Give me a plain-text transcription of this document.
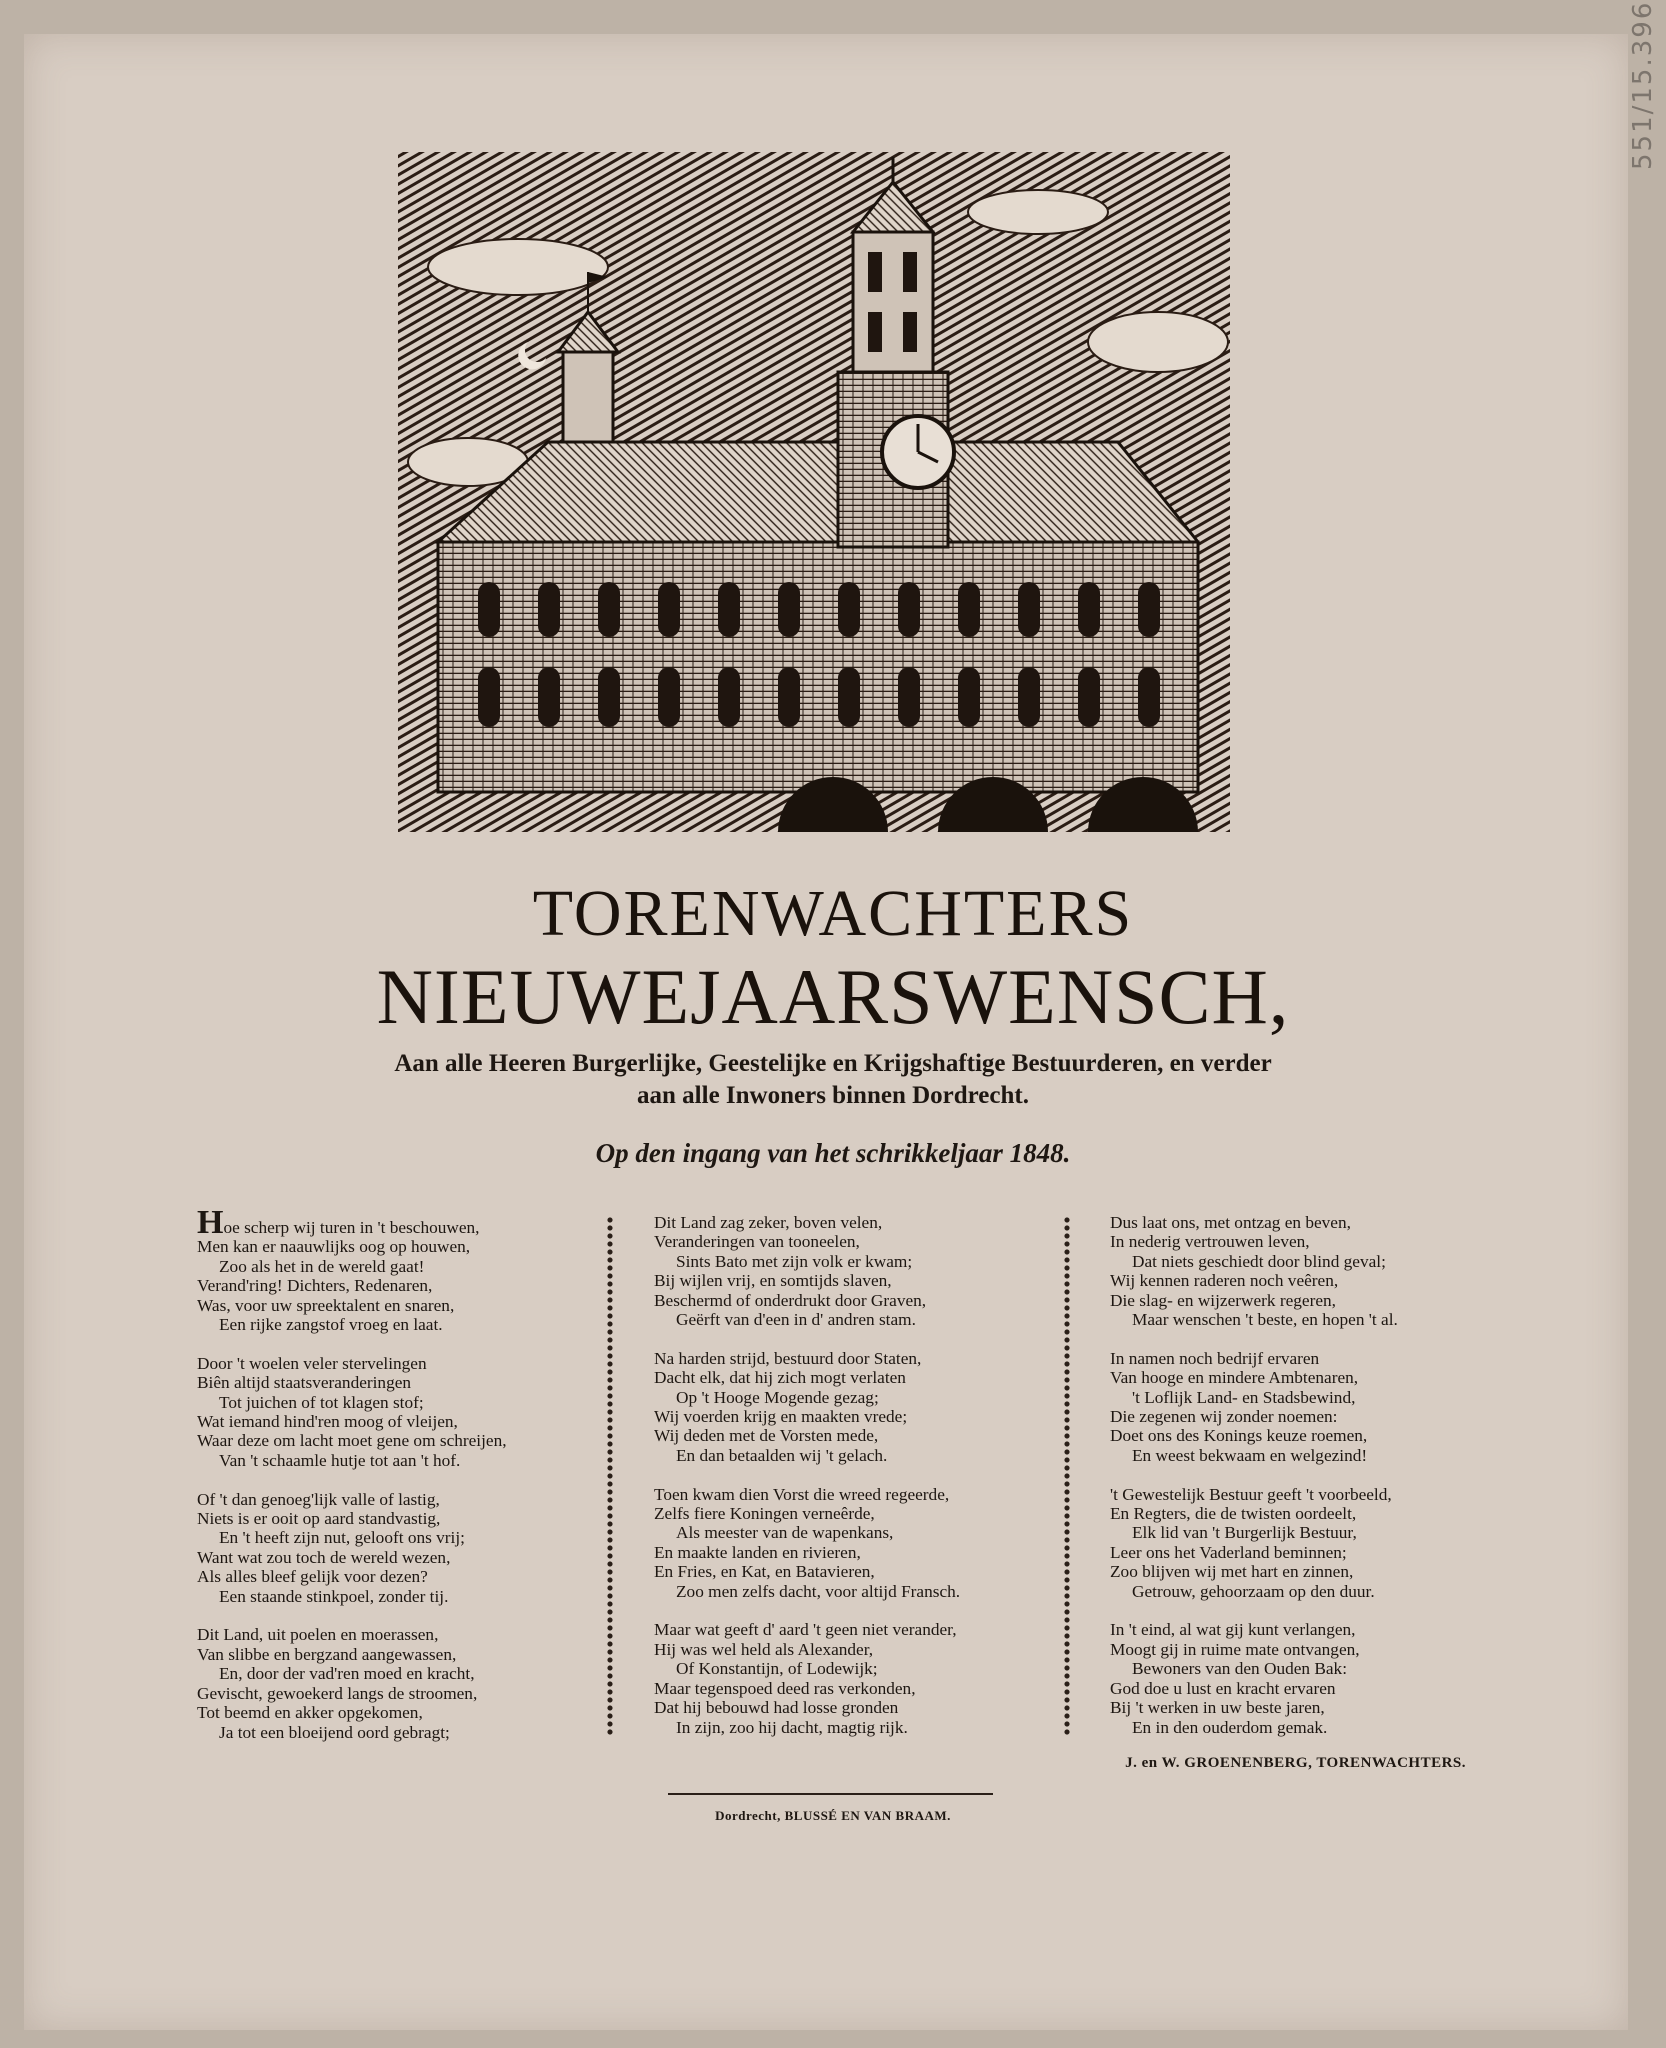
551/15.396
TORENWACHTERS
NIEUWEJAARSWENSCH,
Aan alle Heeren Burgerlijke, Geestelijke en Krijgshaftige Bestuurderen, en verder
aan alle Inwoners binnen Dordrecht.
Op den ingang van het schrikkeljaar 1848.
Hoe scherp wij turen in 't beschouwen,
Men kan er naauwlijks oog op houwen,
Zoo als het in de wereld gaat!
Verand'ring! Dichters, Redenaren,
Was, voor uw spreektalent en snaren,
Een rijke zangstof vroeg en laat.
Door 't woelen veler stervelingen
Biên altijd staatsveranderingen
Tot juichen of tot klagen stof;
Wat iemand hind'ren moog of vleijen,
Waar deze om lacht moet gene om schreijen,
Van 't schaamle hutje tot aan 't hof.
Of 't dan genoeg'lijk valle of lastig,
Niets is er ooit op aard standvastig,
En 't heeft zijn nut, gelooft ons vrij;
Want wat zou toch de wereld wezen,
Als alles bleef gelijk voor dezen?
Een staande stinkpoel, zonder tij.
Dit Land, uit poelen en moerassen,
Van slibbe en bergzand aangewassen,
En, door der vad'ren moed en kracht,
Gevischt, gewoekerd langs de stroomen,
Tot beemd en akker opgekomen,
Ja tot een bloeijend oord gebragt;
Dit Land zag zeker, boven velen,
Veranderingen van tooneelen,
Sints Bato met zijn volk er kwam;
Bij wijlen vrij, en somtijds slaven,
Beschermd of onderdrukt door Graven,
Geërft van d'een in d' andren stam.
Na harden strijd, bestuurd door Staten,
Dacht elk, dat hij zich mogt verlaten
Op 't Hooge Mogende gezag;
Wij voerden krijg en maakten vrede;
Wij deden met de Vorsten mede,
En dan betaalden wij 't gelach.
Toen kwam dien Vorst die wreed regeerde,
Zelfs fiere Koningen verneêrde,
Als meester van de wapenkans,
En maakte landen en rivieren,
En Fries, en Kat, en Batavieren,
Zoo men zelfs dacht, voor altijd Fransch.
Maar wat geeft d' aard 't geen niet verander,
Hij was wel held als Alexander,
Of Konstantijn, of Lodewijk;
Maar tegenspoed deed ras verkonden,
Dat hij bebouwd had losse gronden
In zijn, zoo hij dacht, magtig rijk.
Dus laat ons, met ontzag en beven,
In nederig vertrouwen leven,
Dat niets geschiedt door blind geval;
Wij kennen raderen noch veêren,
Die slag- en wijzerwerk regeren,
Maar wenschen 't beste, en hopen 't al.
In namen noch bedrijf ervaren
Van hooge en mindere Ambtenaren,
't Loflijk Land- en Stadsbewind,
Die zegenen wij zonder noemen:
Doet ons des Konings keuze roemen,
En weest bekwaam en welgezind!
't Gewestelijk Bestuur geeft 't voorbeeld,
En Regters, die de twisten oordeelt,
Elk lid van 't Burgerlijk Bestuur,
Leer ons het Vaderland beminnen;
Zoo blijven wij met hart en zinnen,
Getrouw, gehoorzaam op den duur.
In 't eind, al wat gij kunt verlangen,
Moogt gij in ruime mate ontvangen,
Bewoners van den Ouden Bak:
God doe u lust en kracht ervaren
Bij 't werken in uw beste jaren,
En in den ouderdom gemak.
J. en W. GROENENBERG, TORENWACHTERS.
Dordrecht, BLUSSÉ EN VAN BRAAM.
